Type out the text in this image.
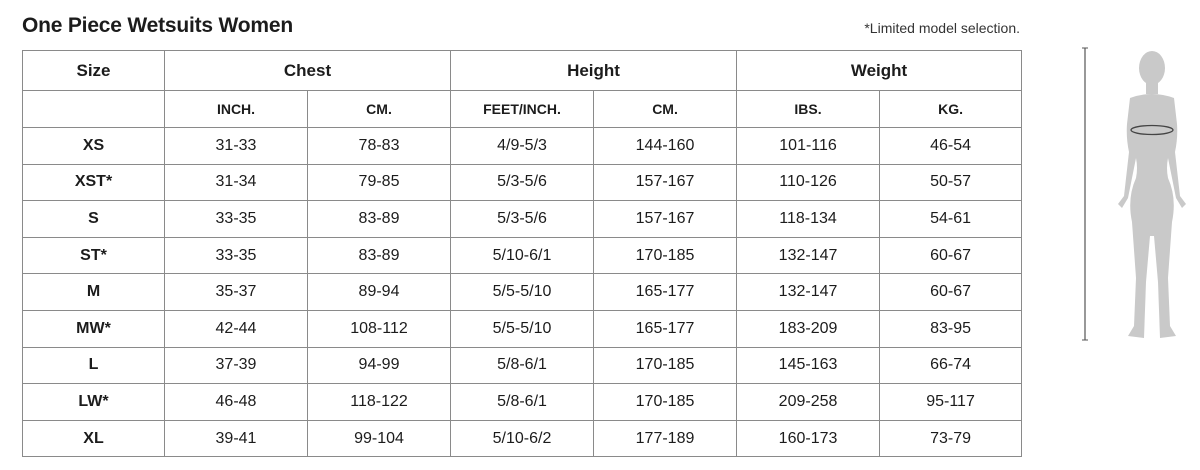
One Piece Wetsuits Women	*Limited model selection.
Size	Chest		Height		Weight	
	INCH.	CM.	FEET/INCH.	CM.	IBS.	KG.
XS	31-33	78-83	4/9-5/3	144-160	101-116	46-54
XST*	31-34	79-85	5/3-5/6	157-167	110-126	50-57
S	33-35	83-89	5/3-5/6	157-167	118-134	54-61
ST*	33-35	83-89	5/10-6/1	170-185	132-147	60-67
M	35-37	89-94	5/5-5/10	165-177	132-147	60-67
MW*	42-44	108-112	5/5-5/10	165-177	183-209	83-95
L	37-39	94-99	5/8-6/1	170-185	145-163	66-74
LW*	46-48	118-122	5/8-6/1	170-185	209-258	95-117
XL	39-41	99-104	5/10-6/2	177-189	160-173	73-79
